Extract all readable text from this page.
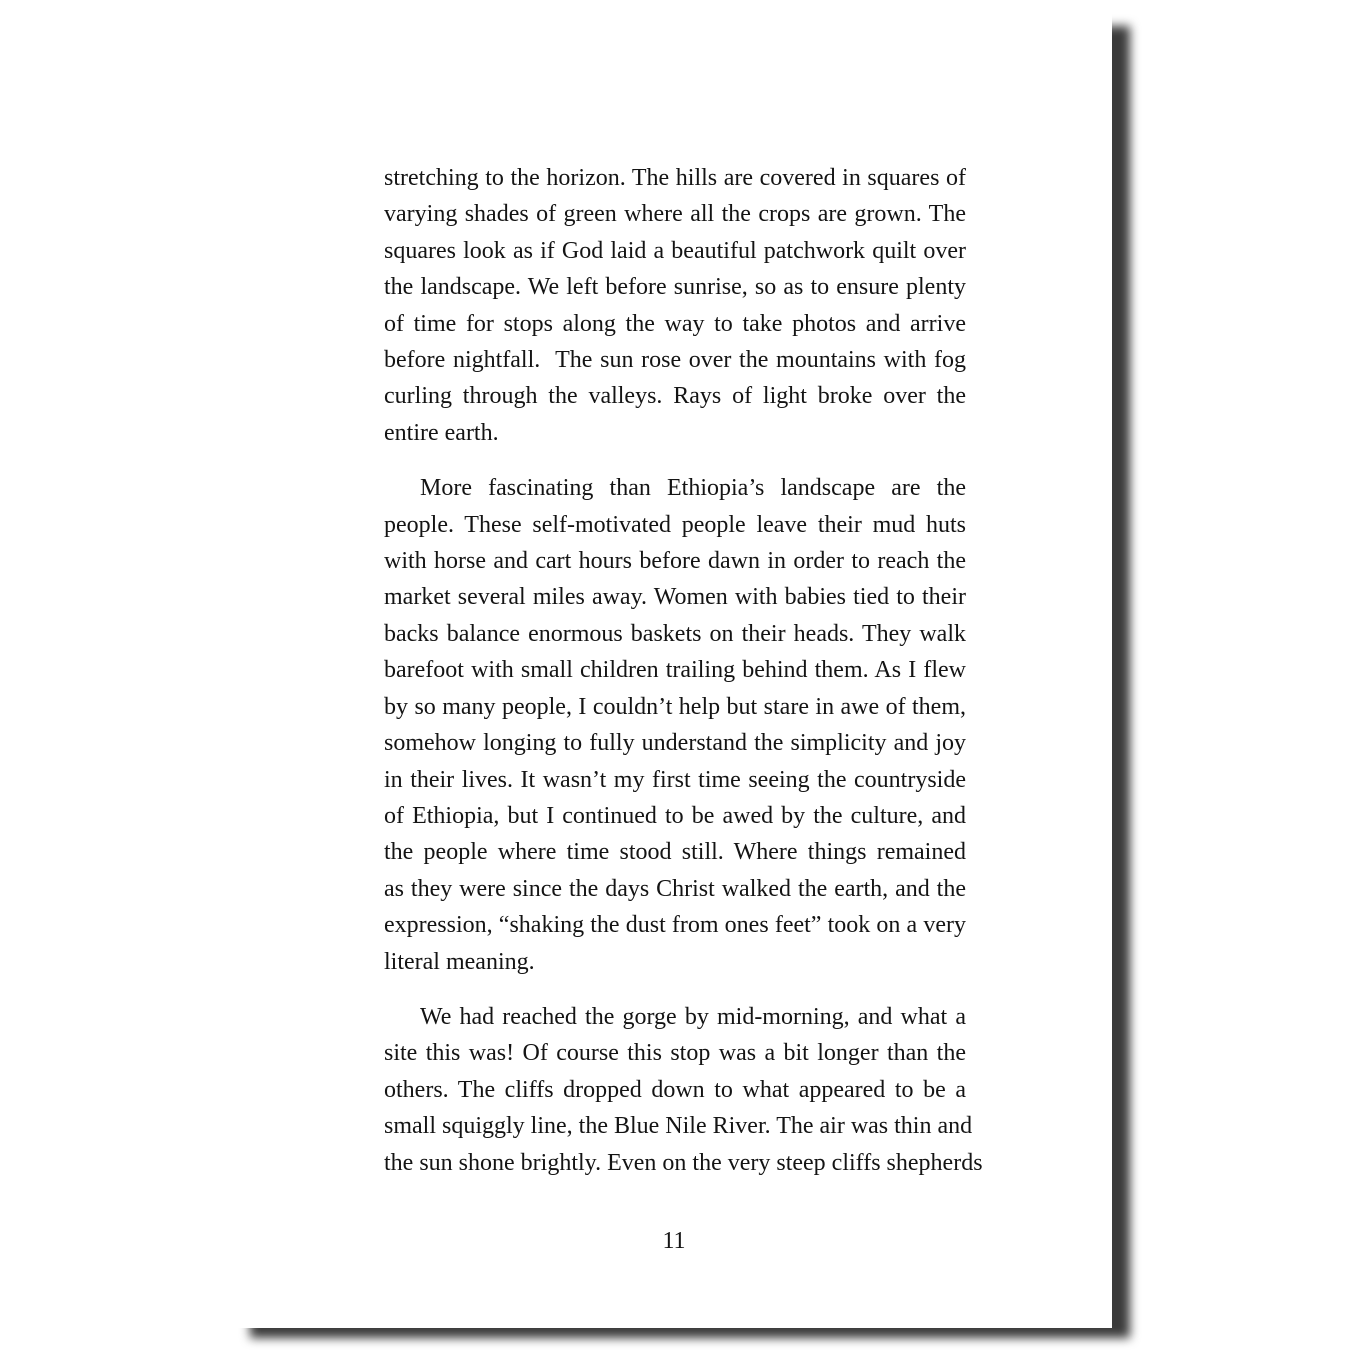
stretching to the horizon. The hills are covered in squares of
varying shades of green where all the crops are grown. The
squares look as if God laid a beautiful patchwork quilt over
the landscape. We left before sunrise, so as to ensure plenty
of time for stops along the way to take photos and arrive
before nightfall.  The sun rose over the mountains with fog
curling through the valleys. Rays of light broke over the
entire earth.

More fascinating than Ethiopia’s landscape are the
people. These self-motivated people leave their mud huts
with horse and cart hours before dawn in order to reach the
market several miles away. Women with babies tied to their
backs balance enormous baskets on their heads. They walk
barefoot with small children trailing behind them. As I flew
by so many people, I couldn’t help but stare in awe of them,
somehow longing to fully understand the simplicity and joy
in their lives. It wasn’t my first time seeing the countryside
of Ethiopia, but I continued to be awed by the culture, and
the people where time stood still. Where things remained
as they were since the days Christ walked the earth, and the
expression, “shaking the dust from ones feet” took on a very
literal meaning.

We had reached the gorge by mid-morning, and what a
site this was! Of course this stop was a bit longer than the
others. The cliffs dropped down to what appeared to be a
small squiggly line, the Blue Nile River. The air was thin and
the sun shone brightly. Even on the very steep cliffs shepherds

11
